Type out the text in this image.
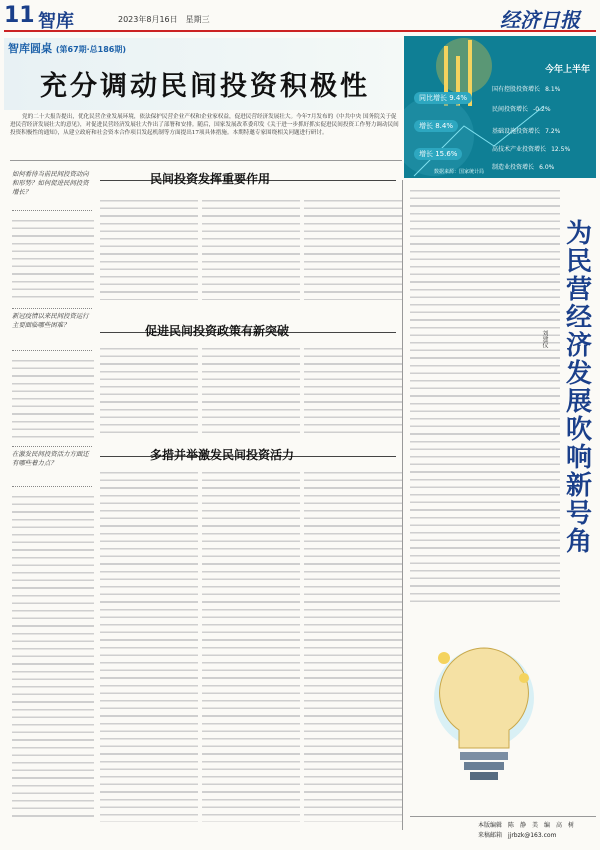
11 智库	2023年8月16日　星期三	经济日报
智库圆桌 (第67期·总186期)
充分调动民间投资积极性
今年上半年
国有控股投资增长 8.1%
同比增长 9.4%
民间投资增长 -0.2%
增长 8.4%
基础设施投资增长 7.2%
高技术产业投资增长 12.5%
增长 15.6%
制造业投资增长 6.0%
数据来源：国家统计局
党的二十大报告提出，优化民营企业发展环境，依法保护民营企业产权和企业家权益，促进民营经济发展壮大。今年7月发布的《中共中央 国务院关于促进民营经济发展壮大的意见》，对促进民营经济发展壮大作出了部署和安排。随后，国家发展改革委印发《关于进一步抓好抓实促进民间投资工作努力调动民间投资积极性的通知》，从建立政府和社会资本合作项目发起机制等方面提出17项具体措施。本期特邀专家围绕相关问题进行研讨。
如何看待当前民间投资动向和形势？如何促进民间投资增长？
民间投资发挥重要作用
新冠疫情以来民间投资运行主要面临哪些困难？	促进民间投资政策有新突破
在激发民间投资活力方面还有哪些着力点？
多措并举激发民间投资活力
为民营经济发展吹响新号角
刘建仪
本版编辑　陈　静　美　编　高　树
来稿邮箱　jjrbzk@163.com
